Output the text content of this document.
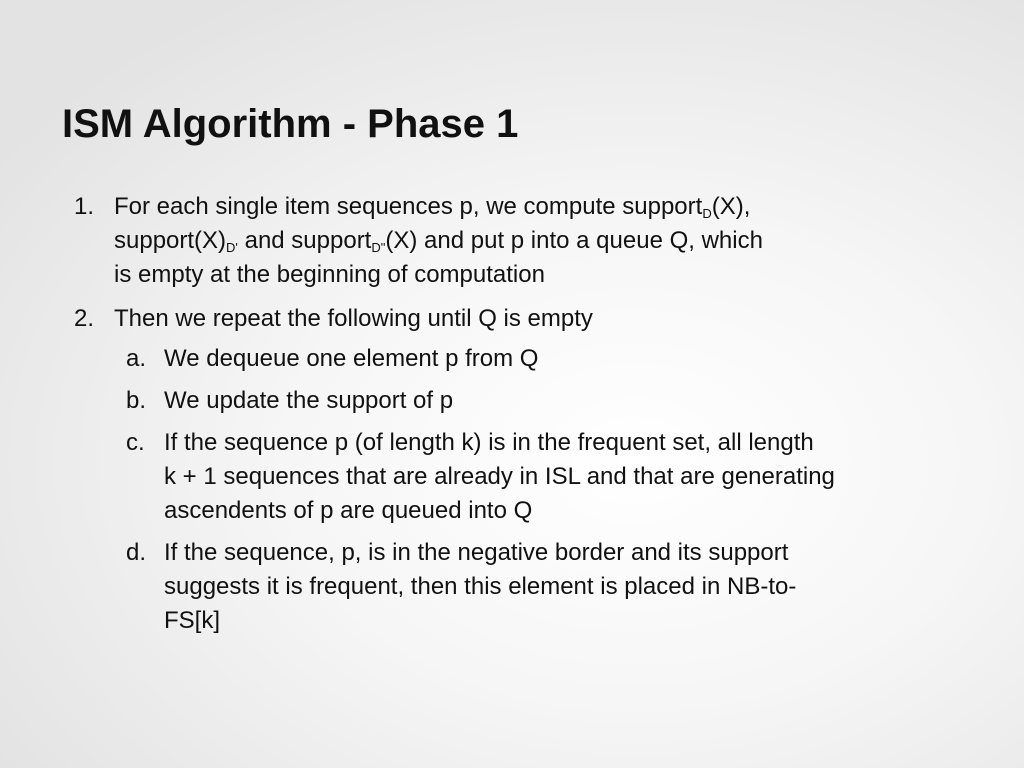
ISM Algorithm - Phase 1
1. For each single item sequences p, we compute support$_D$(X),
$support(X)_{D'}$ and support$_{D"}$(X) and put p into a queue Q, which
is empty at the beginning of computation
2. Then we repeat the following until Q is empty
a. We dequeue one element p from Q
b. We update the support of p
c. If the sequence p (of length k) is in the frequent set, all length
k + 1 sequences that are already in ISL and that are generating
ascendents of p are queued into Q
d. If the sequence, p, is in the negative border and its support
suggests it is frequent, then this element is placed in NB-to-
FS[k]
